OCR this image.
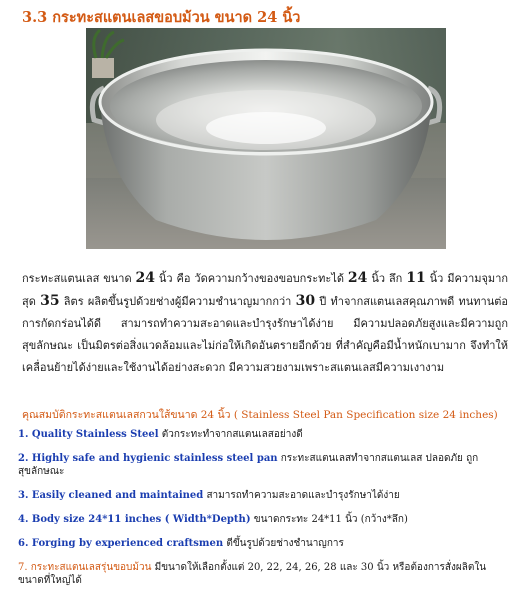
3.3 กระทะสแตนเลสขอบม้วน ขนาด 24 นิ้ว

กระทะสแตนเลส ขนาด 24 นิ้ว คือ วัดความกว้างของขอบกระทะได้ 24 นิ้ว ลึก 11 นิ้ว มีความจุมากสุด 35 ลิตร ผลิตขึ้นรูปด้วยช่างผู้มีความชำนาญมากกว่า 30 ปี ทำจากสแตนเลสคุณภาพดี ทนทานต่อการกัดกร่อนได้ดี สามารถทำความสะอาดและบำรุงรักษาได้ง่าย มีความปลอดภัยสูงและมีความถูกสุขลักษณะ เป็นมิตรต่อสิ่งแวดล้อมและไม่ก่อให้เกิดอันตรายอีกด้วย ที่สำคัญคือมีน้ำหนักเบามาก จึงทำให้เคลื่อนย้ายได้ง่ายและใช้งานได้อย่างสะดวก มีความสวยงามเพราะสแตนเลสมีความเงางาม

คุณสมบัติกระทะสแตนเลสกวนใส้ขนาด 24 นิ้ว ( Stainless Steel Pan Specification size 24 inches)

1. Quality Stainless Steel ตัวกระทะทำจากสแตนเลสอย่างดี
2. Highly safe and hygienic stainless steel pan กระทะสแตนเลสทำจากสแตนเลส ปลอดภัย ถูกสุขลักษณะ
3. Easily cleaned and maintained สามารถทำความสะอาดและบำรุงรักษาได้ง่าย
4. Body size 24*11 inches ( Width*Depth) ขนาดกระทะ 24*11 นิ้ว (กว้าง*ลึก)
6. Forging by experienced craftsmen ตีขึ้นรูปด้วยช่างชำนาญการ
7. กระทะสแตนเลสรุ่นขอบม้วน มีขนาดให้เลือกตั้งแต่ 20, 22, 24, 26, 28 และ 30 นิ้ว หรือต้องการสั่งผลิตในขนาดที่ใหญ่ได้
